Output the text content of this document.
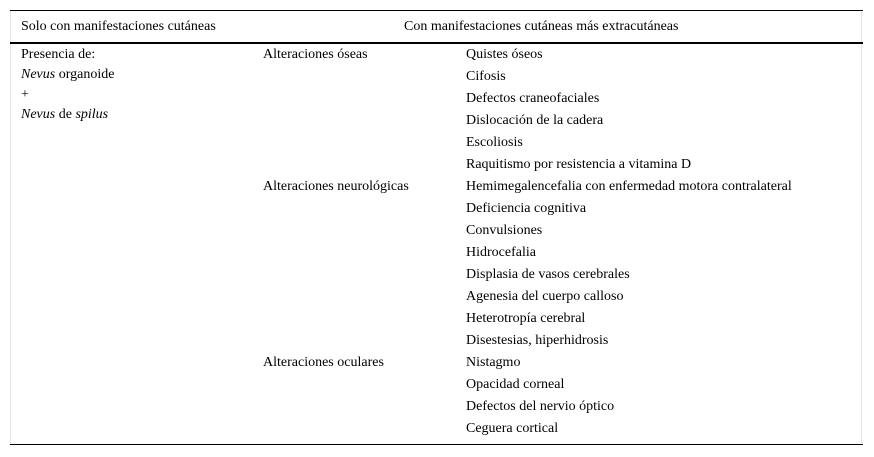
Solo con manifestaciones cutáneas	Con manifestaciones cutáneas más extracutáneas
Presencia de:
Nevus organoide
+
Nevus de spilus
Alteraciones óseas
Alteraciones neurológicas
Alteraciones oculares
Quistes óseos
Cifosis
Defectos craneofaciales
Dislocación de la cadera
Escoliosis
Raquitismo por resistencia a vitamina D
Hemimegalencefalia con enfermedad motora contralateral
Deficiencia cognitiva
Convulsiones
Hidrocefalia
Displasia de vasos cerebrales
Agenesia del cuerpo calloso
Heterotropía cerebral
Disestesias, hiperhidrosis
Nistagmo
Opacidad corneal
Defectos del nervio óptico
Ceguera cortical
